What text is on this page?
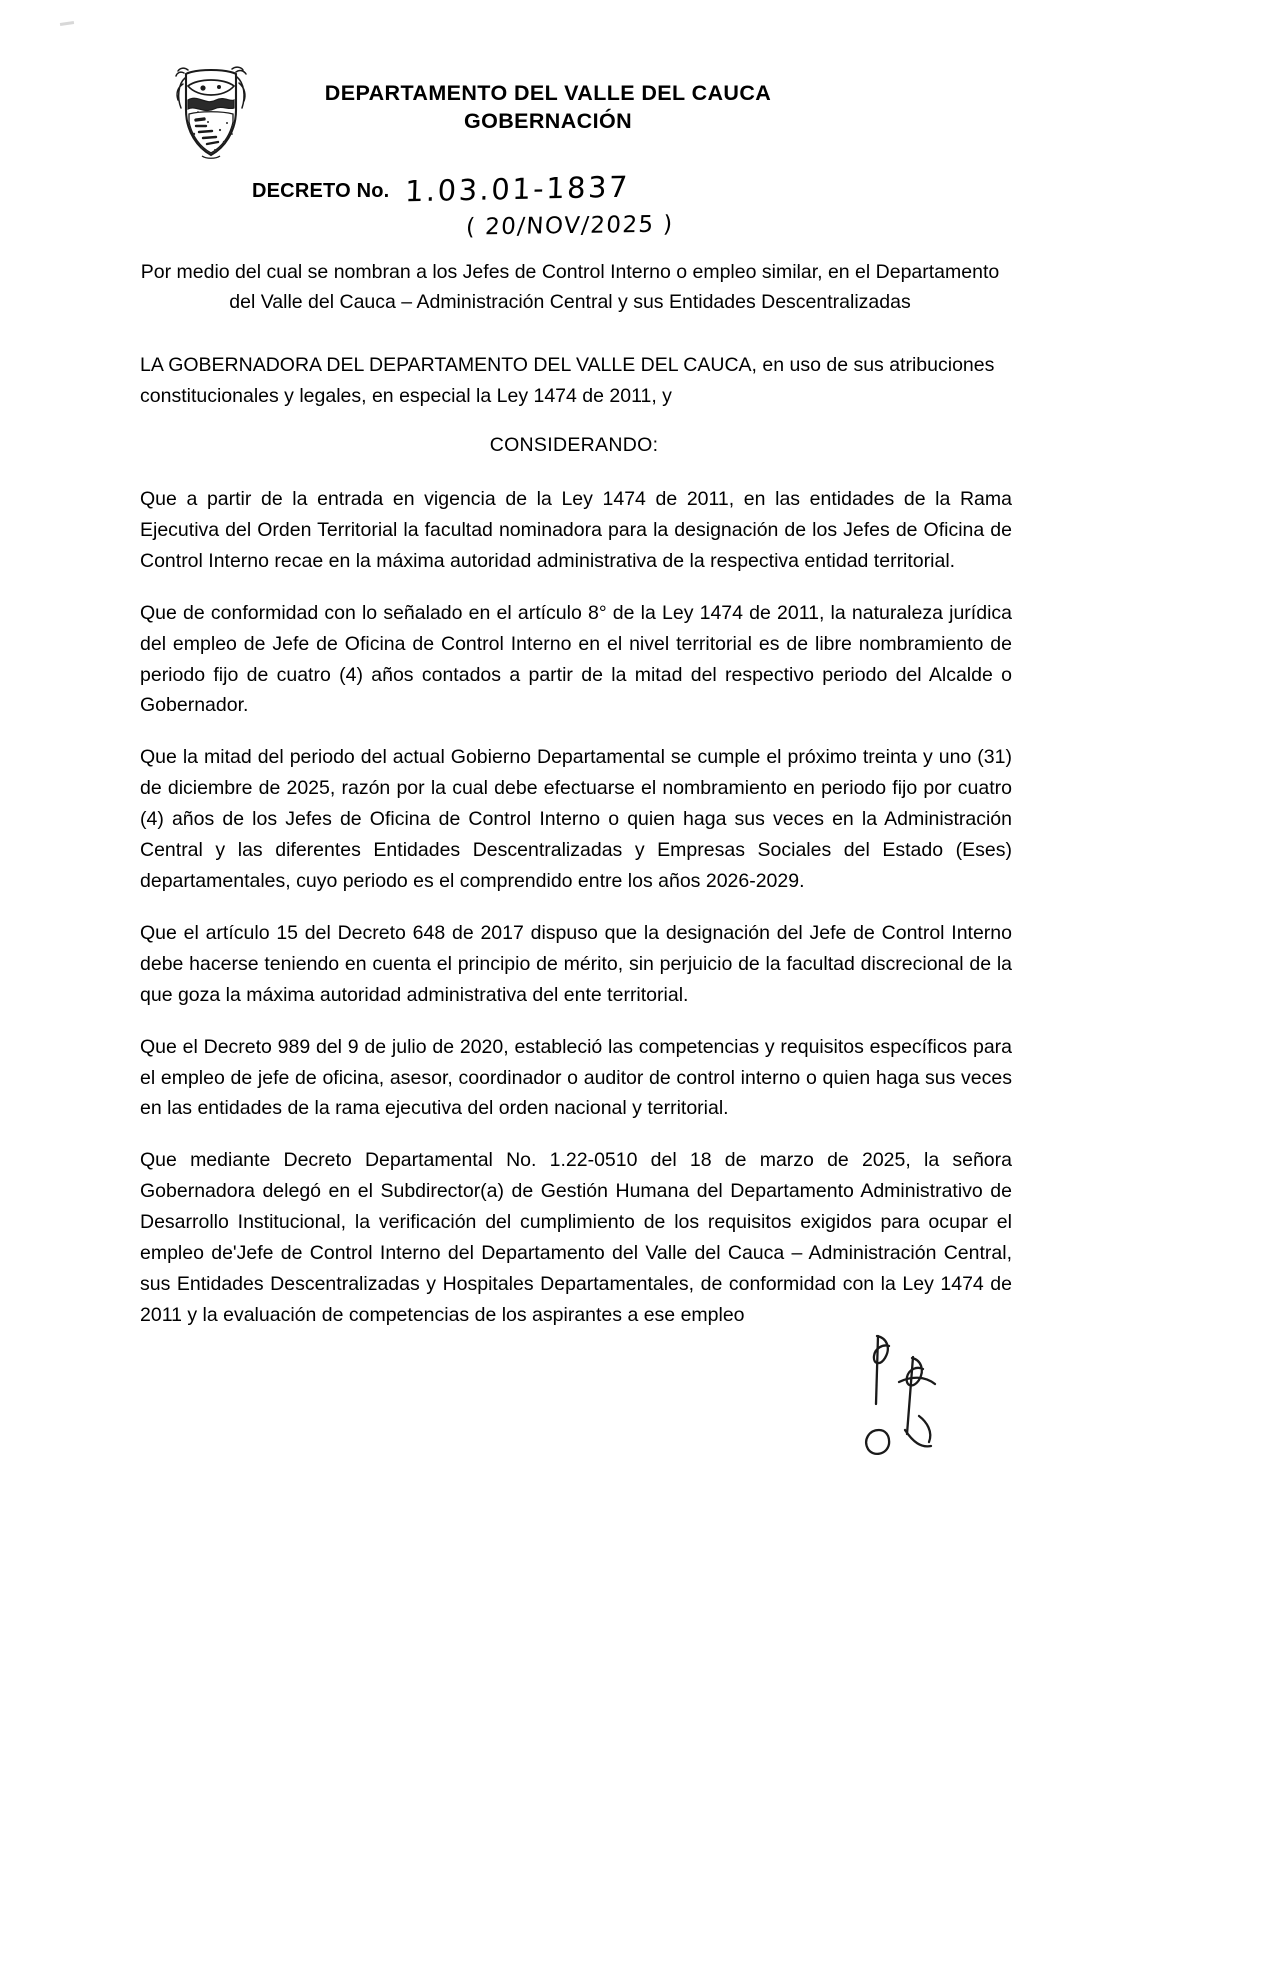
DEPARTAMENTO DEL VALLE DEL CAUCA
GOBERNACIÓN
DECRETO No. 1.03.01-1837
( 20/NOV/2025 )
Por medio del cual se nombran a los Jefes de Control Interno o empleo similar, en el Departamento del Valle del Cauca – Administración Central y sus Entidades Descentralizadas
LA GOBERNADORA DEL DEPARTAMENTO DEL VALLE DEL CAUCA, en uso de sus atribuciones constitucionales y legales, en especial la Ley 1474 de 2011, y
CONSIDERANDO:

Que a partir de la entrada en vigencia de la Ley 1474 de 2011, en las entidades de la Rama Ejecutiva del Orden Territorial la facultad nominadora para la designación de los Jefes de Oficina de Control Interno recae en la máxima autoridad administrativa de la respectiva entidad territorial.

Que de conformidad con lo señalado en el artículo 8° de la Ley 1474 de 2011, la naturaleza jurídica del empleo de Jefe de Oficina de Control Interno en el nivel territorial es de libre nombramiento de periodo fijo de cuatro (4) años contados a partir de la mitad del respectivo periodo del Alcalde o Gobernador.

Que la mitad del periodo del actual Gobierno Departamental se cumple el próximo treinta y uno (31) de diciembre de 2025, razón por la cual debe efectuarse el nombramiento en periodo fijo por cuatro (4) años de los Jefes de Oficina de Control Interno o quien haga sus veces en la Administración Central y las diferentes Entidades Descentralizadas y Empresas Sociales del Estado (Eses) departamentales, cuyo periodo es el comprendido entre los años 2026-2029.

Que el artículo 15 del Decreto 648 de 2017 dispuso que la designación del Jefe de Control Interno debe hacerse teniendo en cuenta el principio de mérito, sin perjuicio de la facultad discrecional de la que goza la máxima autoridad administrativa del ente territorial.

Que el Decreto 989 del 9 de julio de 2020, estableció las competencias y requisitos específicos para el empleo de jefe de oficina, asesor, coordinador o auditor de control interno o quien haga sus veces en las entidades de la rama ejecutiva del orden nacional y territorial.

Que mediante Decreto Departamental No. 1.22-0510 del 18 de marzo de 2025, la señora Gobernadora delegó en el Subdirector(a) de Gestión Humana del Departamento Administrativo de Desarrollo Institucional, la verificación del cumplimiento de los requisitos exigidos para ocupar el empleo de'Jefe de Control Interno del Departamento del Valle del Cauca – Administración Central, sus Entidades Descentralizadas y Hospitales Departamentales, de conformidad con la Ley 1474 de 2011 y la evaluación de competencias de los aspirantes a ese empleo
